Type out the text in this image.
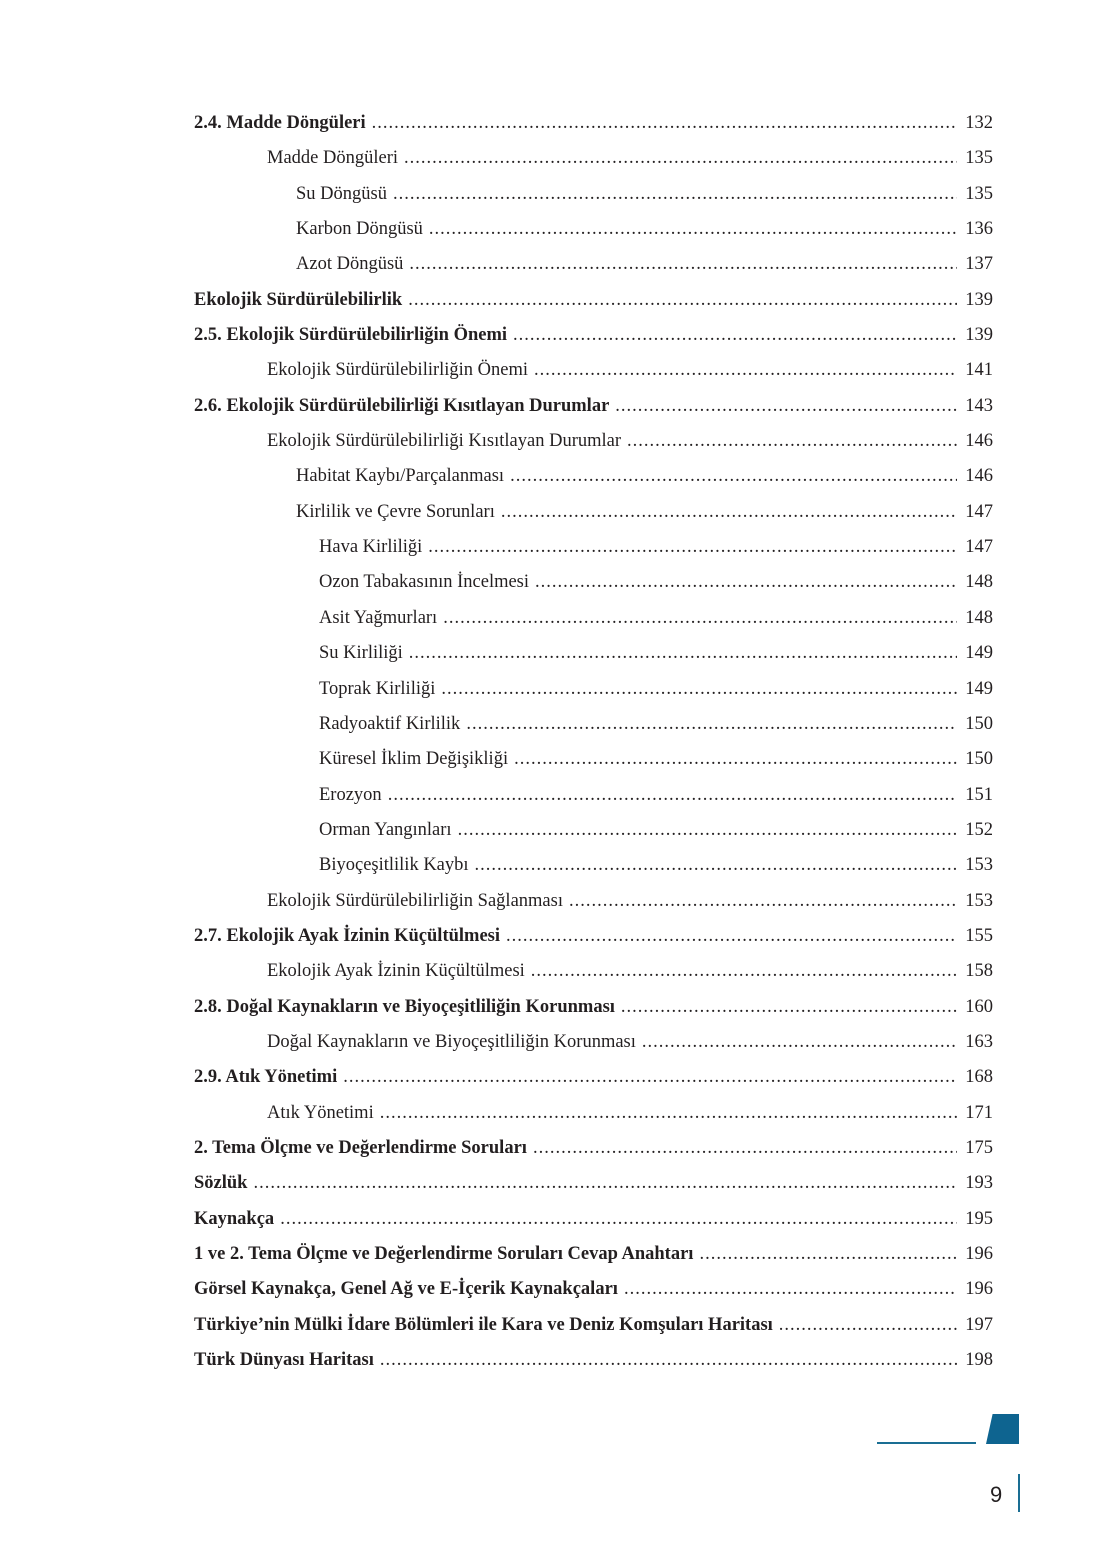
2.4. Madde Döngüleri .....	132
Madde Döngüleri .....	135
Su Döngüsü .....	135
Karbon Döngüsü .....	136
Azot Döngüsü .....	137
Ekolojik Sürdürülebilirlik .....	139
2.5. Ekolojik Sürdürülebilirliğin Önemi .....	139
Ekolojik Sürdürülebilirliğin Önemi .....	141
2.6. Ekolojik Sürdürülebilirliği Kısıtlayan Durumlar .....	143
Ekolojik Sürdürülebilirliği Kısıtlayan Durumlar .....	146
Habitat Kaybı/Parçalanması .....	146
Kirlilik ve Çevre Sorunları .....	147
Hava Kirliliği .....	147
Ozon Tabakasının İncelmesi .....	148
Asit Yağmurları .....	148
Su Kirliliği .....	149
Toprak Kirliliği .....	149
Radyoaktif Kirlilik .....	150
Küresel İklim Değişikliği .....	150
Erozyon .....	151
Orman Yangınları .....	152
Biyoçeşitlilik Kaybı .....	153
Ekolojik Sürdürülebilirliğin Sağlanması .....	153
2.7. Ekolojik Ayak İzinin Küçültülmesi .....	155
Ekolojik Ayak İzinin Küçültülmesi .....	158
2.8. Doğal Kaynakların ve Biyoçeşitliliğin Korunması .....	160
Doğal Kaynakların ve Biyoçeşitliliğin Korunması .....	163
2.9. Atık Yönetimi .....	168
Atık Yönetimi .....	171
2. Tema Ölçme ve Değerlendirme Soruları .....	175
Sözlük .....	193
Kaynakça .....	195
1 ve 2. Tema Ölçme ve Değerlendirme Soruları Cevap Anahtarı .....	196
Görsel Kaynakça, Genel Ağ ve E-İçerik Kaynakçaları .....	196
Türkiye’nin Mülki İdare Bölümleri ile Kara ve Deniz Komşuları Haritası .....	197
Türk Dünyası Haritası .....	198
9
